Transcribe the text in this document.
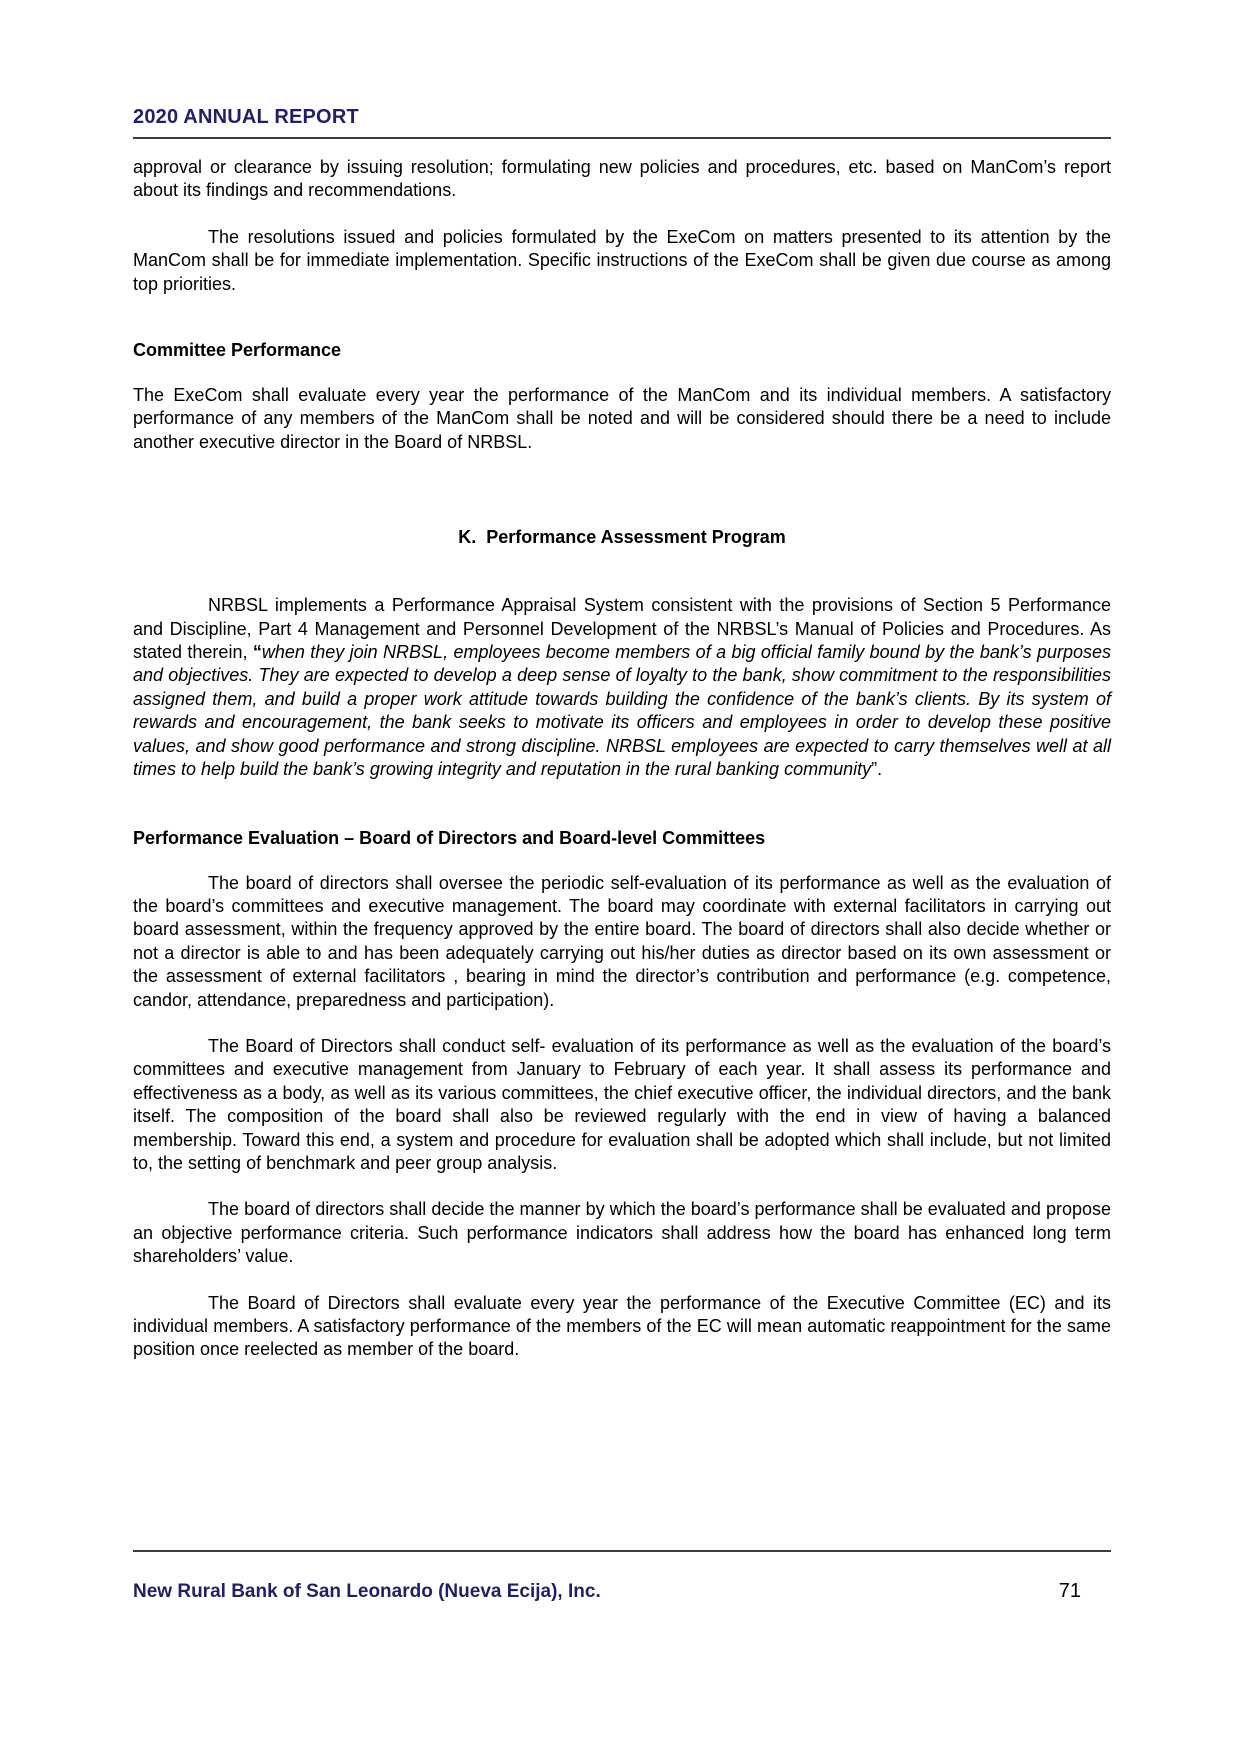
2020 ANNUAL REPORT

approval or clearance by issuing resolution; formulating new policies and procedures, etc. based on ManCom’s report about its findings and recommendations.

The resolutions issued and policies formulated by the ExeCom on matters presented to its attention by the ManCom shall be for immediate implementation. Specific instructions of the ExeCom shall be given due course as among top priorities.

Committee Performance

The ExeCom shall evaluate every year the performance of the ManCom and its individual members. A satisfactory performance of any members of the ManCom shall be noted and will be considered should there be a need to include another executive director in the Board of NRBSL.

K.  Performance Assessment Program

NRBSL implements a Performance Appraisal System consistent with the provisions of Section 5 Performance and Discipline, Part 4 Management and Personnel Development of the NRBSL’s Manual of Policies and Procedures. As stated therein, “when they join NRBSL, employees become members of a big official family bound by the bank’s purposes and objectives. They are expected to develop a deep sense of loyalty to the bank, show commitment to the responsibilities assigned them, and build a proper work attitude towards building the confidence of the bank’s clients. By its system of rewards and encouragement, the bank seeks to motivate its officers and employees in order to develop these positive values, and show good performance and strong discipline. NRBSL employees are expected to carry themselves well at all times to help build the bank’s growing integrity and reputation in the rural banking community”.

Performance Evaluation – Board of Directors and Board-level Committees

The board of directors shall oversee the periodic self-evaluation of its performance as well as the evaluation of the board’s committees and executive management. The board may coordinate with external facilitators in carrying out board assessment, within the frequency approved by the entire board. The board of directors shall also decide whether or not a director is able to and has been adequately carrying out his/her duties as director based on its own assessment or the assessment of external facilitators , bearing in mind the director’s contribution and performance (e.g. competence, candor, attendance, preparedness and participation).

The Board of Directors shall conduct self- evaluation of its performance as well as the evaluation of the board’s committees and executive management from January to February of each year. It shall assess its performance and effectiveness as a body, as well as its various committees, the chief executive officer, the individual directors, and the bank itself. The composition of the board shall also be reviewed regularly with the end in view of having a balanced membership. Toward this end, a system and procedure for evaluation shall be adopted which shall include, but not limited to, the setting of benchmark and peer group analysis.

The board of directors shall decide the manner by which the board’s performance shall be evaluated and propose an objective performance criteria. Such performance indicators shall address how the board has enhanced long term shareholders’ value.

The Board of Directors shall evaluate every year the performance of the Executive Committee (EC) and its individual members. A satisfactory performance of the members of the EC will mean automatic reappointment for the same position once reelected as member of the board.

New Rural Bank of San Leonardo (Nueva Ecija), Inc.	71
